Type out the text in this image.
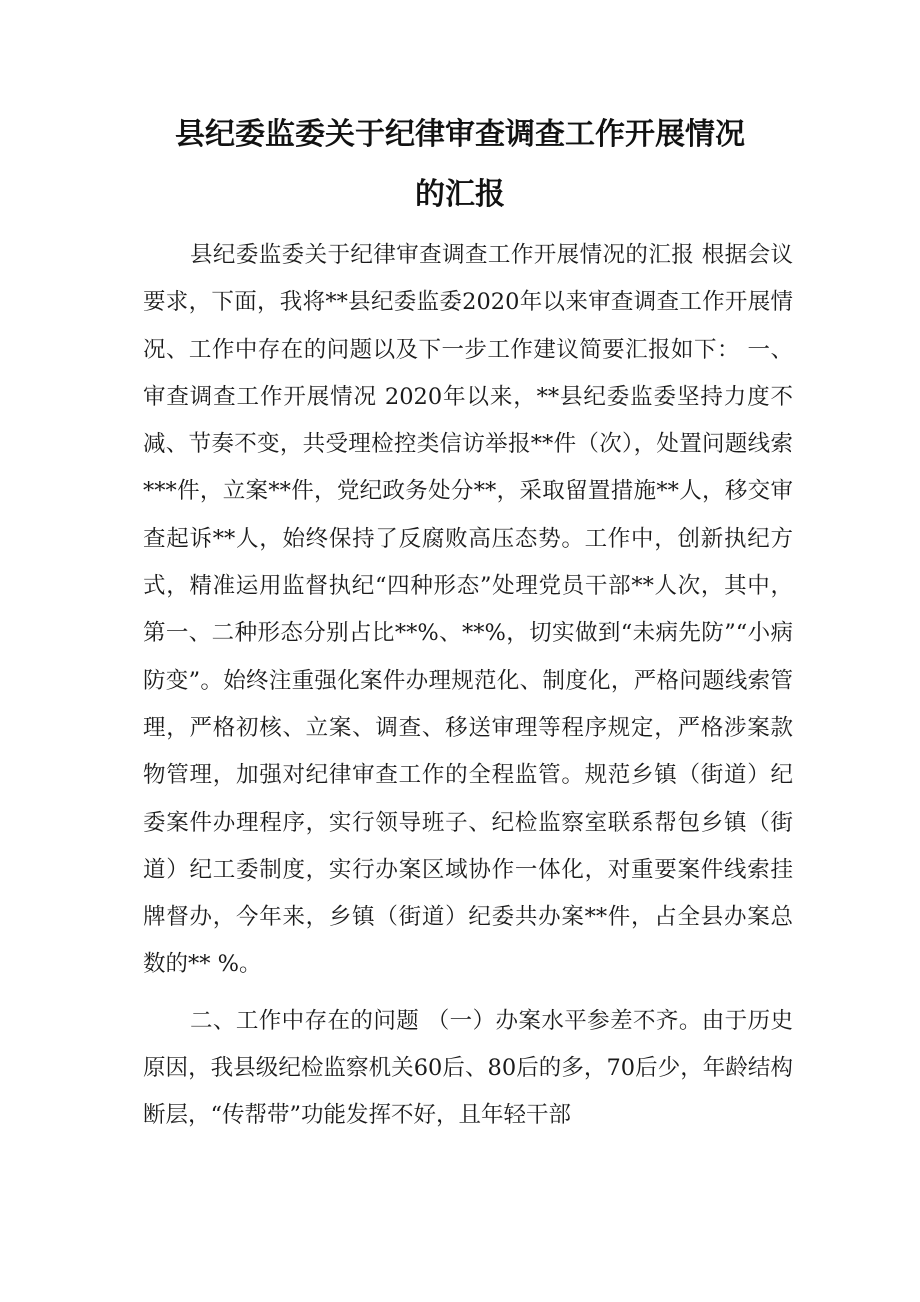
县纪委监委关于纪律审查调查工作开展情况
的汇报

县纪委监委关于纪律审查调查工作开展情况的汇报 根据会议要求，下面，我将**县纪委监委2020年以来审查调查工作开展情况、工作中存在的问题以及下一步工作建议简要汇报如下： 一、审查调查工作开展情况 2020年以来，**县纪委监委坚持力度不减、节奏不变，共受理检控类信访举报**件（次），处置问题线索***件，立案**件，党纪政务处分**，采取留置措施**人，移交审查起诉**人，始终保持了反腐败高压态势。工作中，创新执纪方式，精准运用监督执纪“四种形态”处理党员干部**人次，其中，第一、二种形态分别占比**%、**%，切实做到“未病先防”“小病防变”。始终注重强化案件办理规范化、制度化，严格问题线索管理，严格初核、立案、调查、移送审理等程序规定，严格涉案款物管理，加强对纪律审查工作的全程监管。规范乡镇（街道）纪委案件办理程序，实行领导班子、纪检监察室联系帮包乡镇（街道）纪工委制度，实行办案区域协作一体化，对重要案件线索挂牌督办，今年来，乡镇（街道）纪委共办案**件，占全县办案总数的** %。

二、工作中存在的问题 （一）办案水平参差不齐。由于历史原因，我县级纪检监察机关60后、80后的多，70后少，年龄结构断层，“传帮带”功能发挥不好，且年轻干部
